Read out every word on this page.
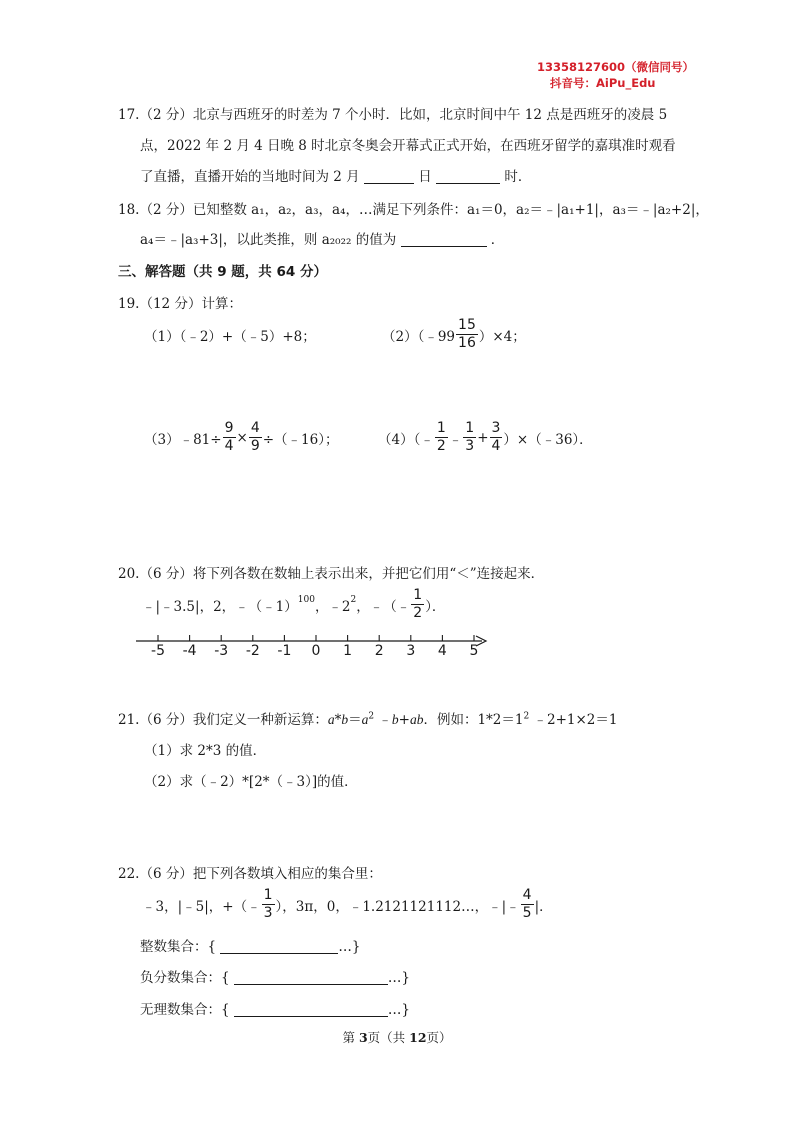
13358127600（微信同号）
抖音号：AiPu_Edu
17.（2 分）北京与西班牙的时差为 7 个小时．比如，北京时间中午 12 点是西班牙的凌晨 5
点，2022 年 2 月 4 日晚 8 时北京冬奥会开幕式正式开始，在西班牙留学的嘉琪准时观看
了直播，直播开始的当地时间为 2 月	日	时．
18.（2 分）已知整数 a₁，a₂，a₃，a₄，…满足下列条件：a₁＝0，a₂＝﹣|a₁+1|，a₃＝﹣|a₂+2|，
a₄＝﹣|a₃+3|，以此类推，则 a₂₀₂₂ 的值为	．
三、解答题（共 9 题，共 64 分）
19.（12 分）计算：
（1）（﹣2）+（﹣5）+8；	（2）（﹣99 $\frac{15}{16} )\times 4$；
（3）﹣81÷ $\frac{9}{4} \times \frac{4}{9}$ ÷（﹣16）；	（4）（﹣ $\frac{1}{2}$ ﹣ $\frac{1}{3} + \frac{3}{4}$ ）×（﹣36）．
20.（6 分）将下列各数在数轴上表示出来，并把它们用“＜”连接起来．
﹣|﹣3.5|，2，﹣（﹣1）$^{100}$ ，$﹣2^2$ ，﹣（﹣ $\frac{1}{2}$ ）．
-5 -4 -3 -2 -1 0 1 2 3 4 5
21.（6 分）我们定义一种新运算：$a*b=a^2$ ﹣b+ab．例如：$1*2=1^2$ ﹣2+1×2＝1
（1）求 2*3 的值．
（2）求（﹣2）*[2*（﹣3）]的值．
22.（6 分）把下列各数填入相应的集合里：
﹣3，|﹣5|，+（﹣ $\frac{1}{3}$ ），3π，0，﹣1.2121121112…，﹣|﹣ $\frac{4}{5}$ |．
整数集合：{	…}
负分数集合：{	…}
无理数集合：{	…}
第 3页（共 12页）
